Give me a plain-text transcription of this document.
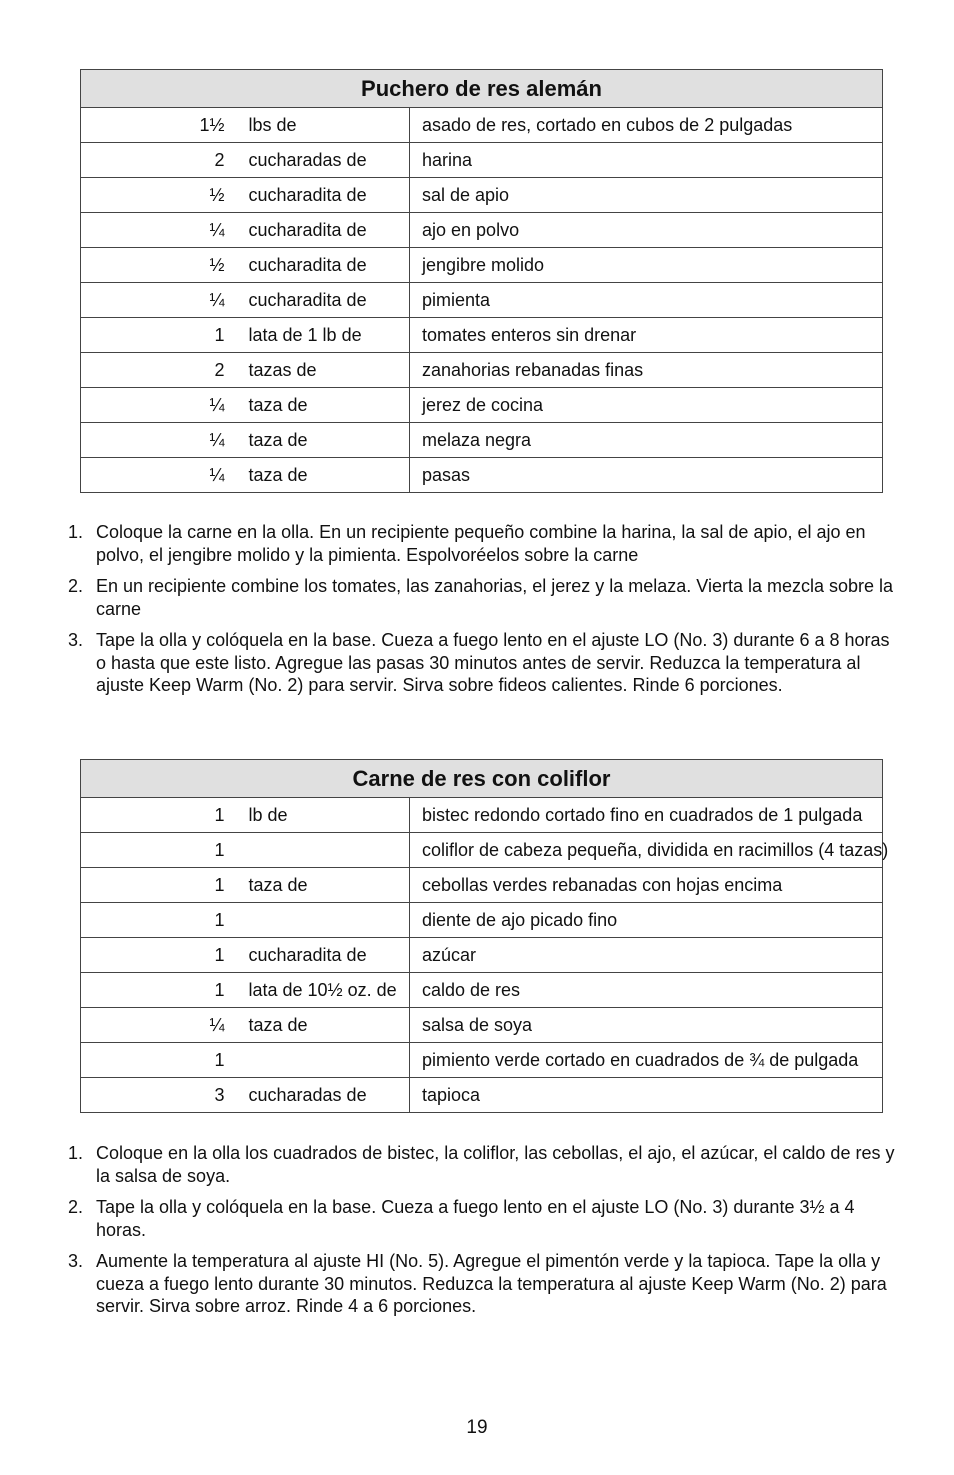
Puchero de res alemán		
1½	lbs de	asado de res, cortado en cubos de 2 pulgadas
2	cucharadas de	harina
½	cucharadita de	sal de apio
¼	cucharadita de	ajo en polvo
½	cucharadita de	jengibre molido
¼	cucharadita de	pimienta
1	lata de 1 lb de	tomates enteros sin drenar
2	tazas de	zanahorias rebanadas finas
¼	taza de	jerez de cocina
¼	taza de	melaza negra
¼	taza de	pasas
1. Coloque la carne en la olla. En un recipiente pequeño combine la harina, la sal de apio, el ajo en polvo, el jengibre molido y la pimienta. Espolvoréelos sobre la carne
2. En un recipiente combine los tomates, las zanahorias, el jerez y la melaza. Vierta la mezcla sobre la carne
3. Tape la olla y colóquela en la base. Cueza a fuego lento en el ajuste LO (No. 3) durante 6 a 8 horas o hasta que este listo. Agregue las pasas 30 minutos antes de servir. Reduzca la temperatura al ajuste Keep Warm (No. 2) para servir. Sirva sobre fideos calientes. Rinde 6 porciones.
Carne de res con coliflor		
1	lb de	bistec redondo cortado fino en cuadrados de 1 pulgada
1		coliflor de cabeza pequeña, dividida en racimillos (4 tazas)
1	taza de	cebollas verdes rebanadas con hojas encima
1		diente de ajo picado fino
1	cucharadita de	azúcar
1	lata de 10½ oz. de	caldo de res
¼	taza de	salsa de soya
1		pimiento verde cortado en cuadrados de ¾ de pulgada
3	cucharadas de	tapioca
1. Coloque en la olla los cuadrados de bistec, la coliflor, las cebollas, el ajo, el azúcar, el caldo de res y la salsa de soya.
2. Tape la olla y colóquela en la base. Cueza a fuego lento en el ajuste LO (No. 3) durante 3½ a 4 horas.
3. Aumente la temperatura al ajuste HI (No. 5). Agregue el pimentón verde y la tapioca. Tape la olla y cueza a fuego lento durante 30 minutos. Reduzca la temperatura al ajuste Keep Warm (No. 2) para servir. Sirva sobre arroz. Rinde 4 a 6 porciones.
19
